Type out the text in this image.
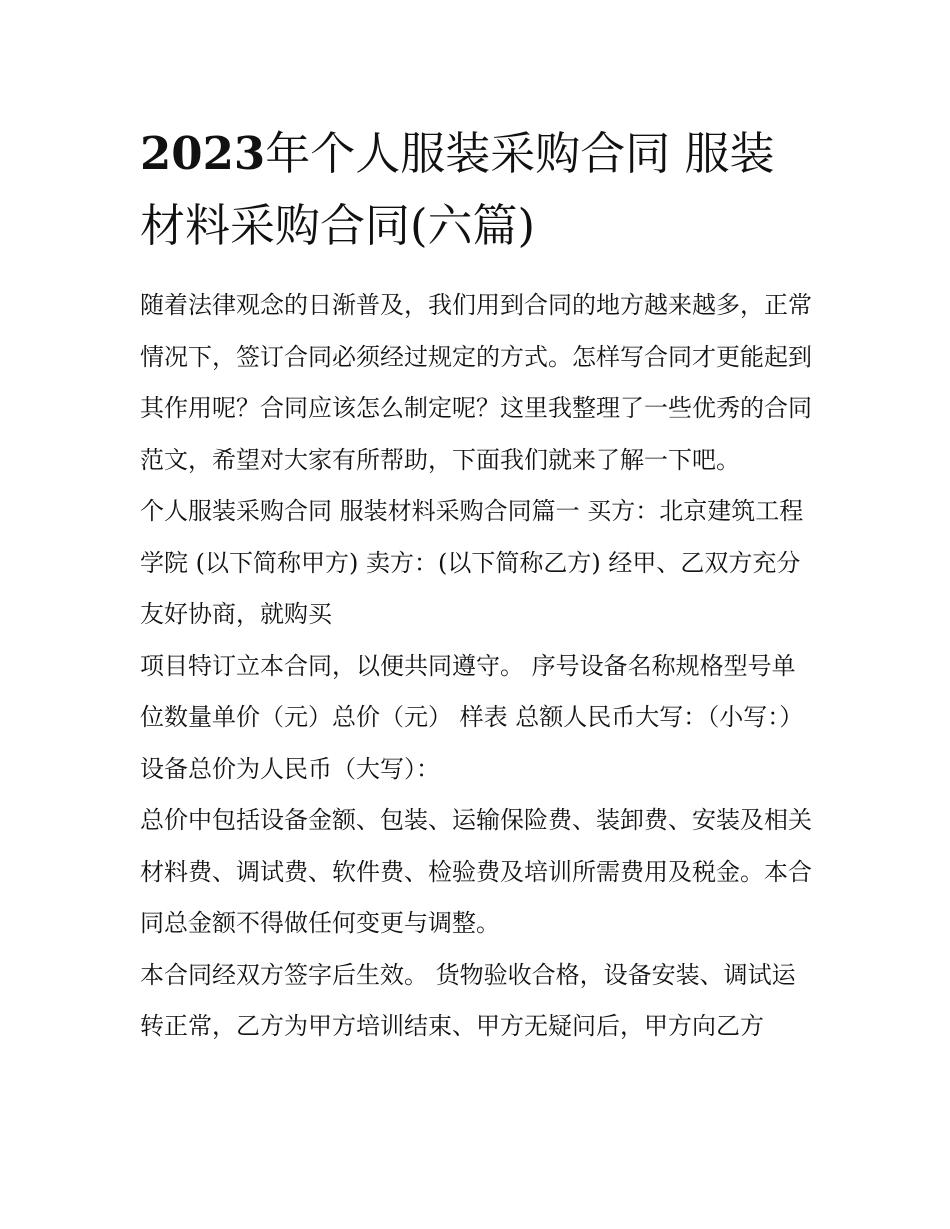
2023年个人服装采购合同 服装材料采购合同(六篇)

随着法律观念的日渐普及，我们用到合同的地方越来越多，正常情况下，签订合同必须经过规定的方式。怎样写合同才更能起到其作用呢？合同应该怎么制定呢？这里我整理了一些优秀的合同范文，希望对大家有所帮助，下面我们就来了解一下吧。

个人服装采购合同 服装材料采购合同篇一 买方：北京建筑工程学院 (以下简称甲方) 卖方：(以下简称乙方) 经甲、乙双方充分友好协商，就购买

项目特订立本合同，以便共同遵守。 序号设备名称规格型号单位数量单价（元）总价（元） 样表 总额人民币大写：（小写：） 设备总价为人民币（大写）：

总价中包括设备金额、包装、运输保险费、装卸费、安装及相关材料费、调试费、软件费、检验费及培训所需费用及税金。本合同总金额不得做任何变更与调整。

本合同经双方签字后生效。 货物验收合格，设备安装、调试运转正常，乙方为甲方培训结束、甲方无疑问后，甲方向乙方
